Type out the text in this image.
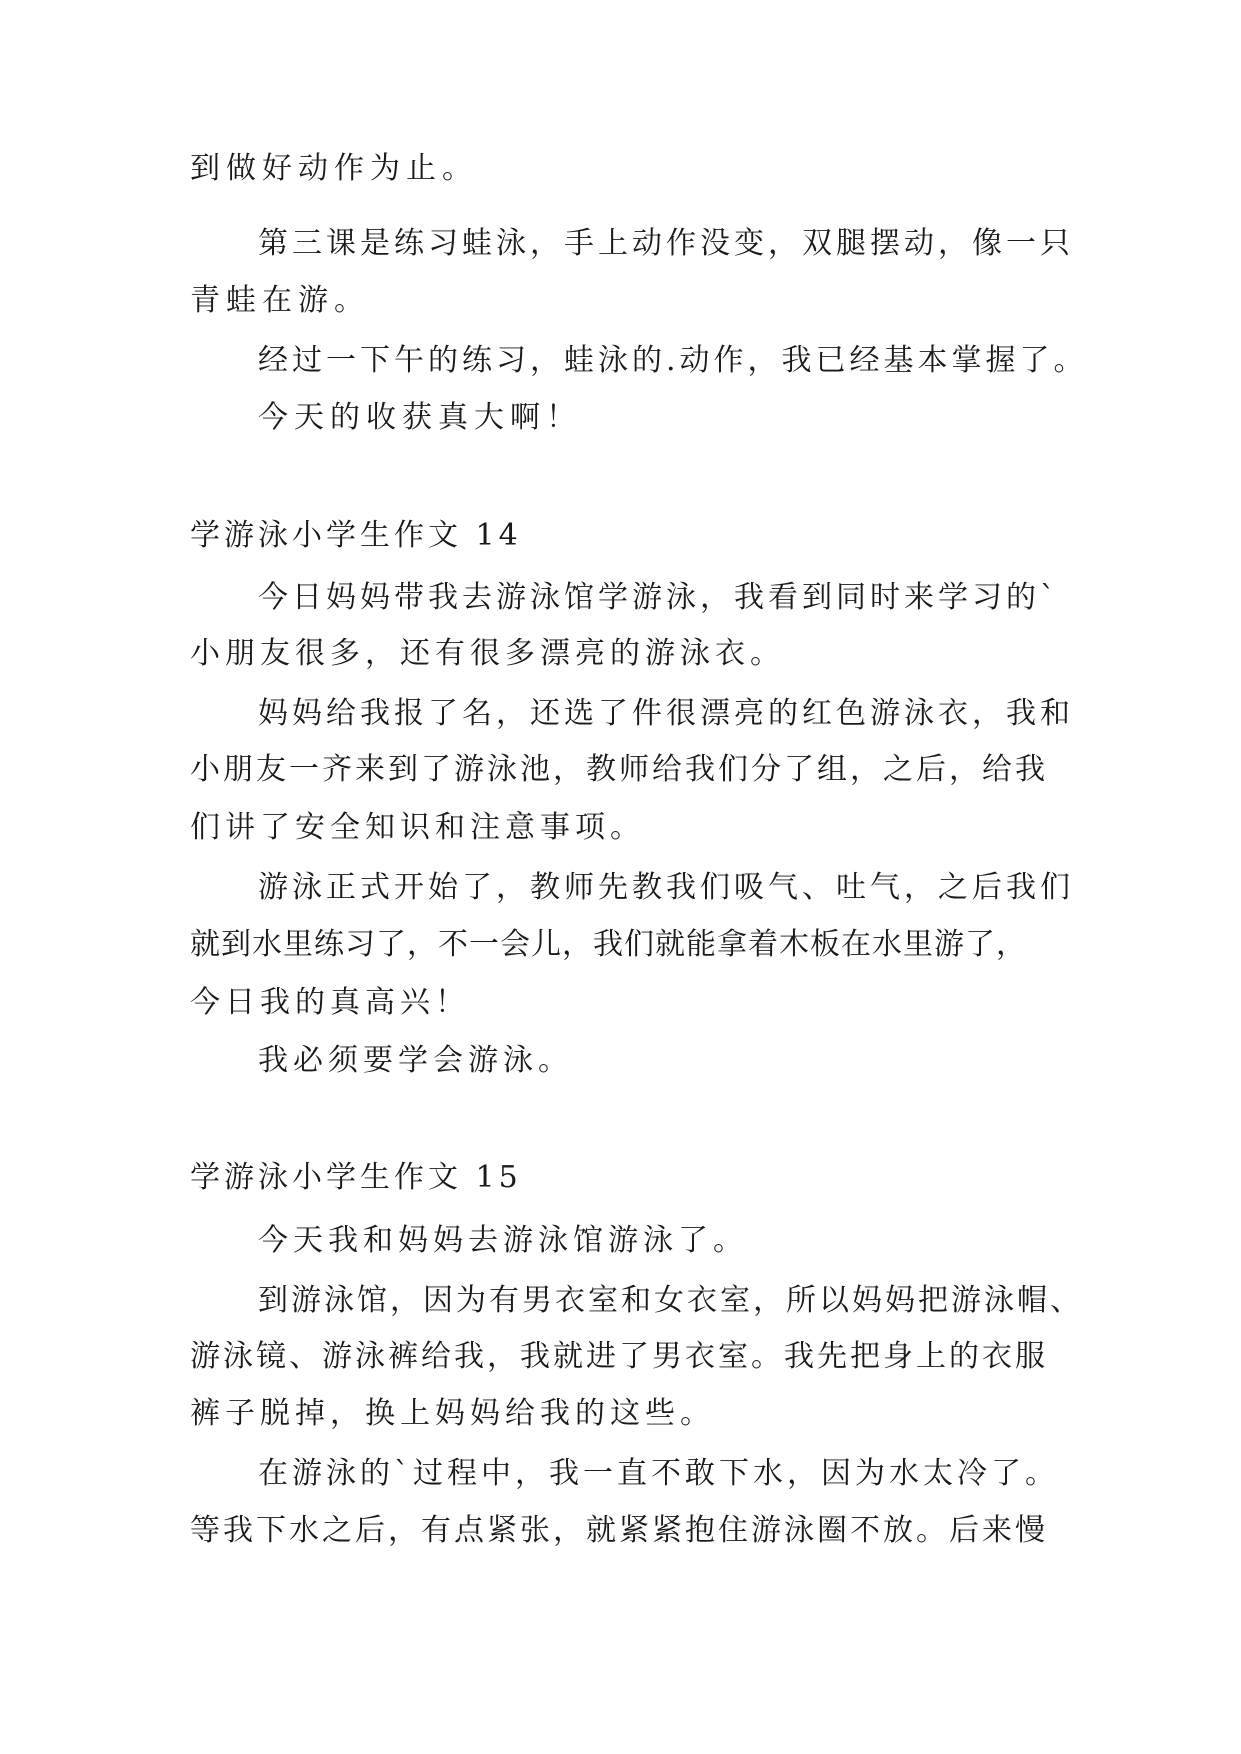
到做好动作为止。
第三课是练习蛙泳，手上动作没变，双腿摆动，像一只
青蛙在游。
经过一下午的练习，蛙泳的.动作，我已经基本掌握了。
今天的收获真大啊！
学游泳小学生作文 14
今日妈妈带我去游泳馆学游泳，我看到同时来学习的`
小朋友很多，还有很多漂亮的游泳衣。
妈妈给我报了名，还选了件很漂亮的红色游泳衣，我和
小朋友一齐来到了游泳池，教师给我们分了组，之后，给我
们讲了安全知识和注意事项。
游泳正式开始了，教师先教我们吸气、吐气，之后我们
就到水里练习了，不一会儿，我们就能拿着木板在水里游了，
今日我的真高兴！
我必须要学会游泳。
学游泳小学生作文 15
今天我和妈妈去游泳馆游泳了。
到游泳馆，因为有男衣室和女衣室，所以妈妈把游泳帽、
游泳镜、游泳裤给我，我就进了男衣室。我先把身上的衣服
裤子脱掉，换上妈妈给我的这些。
在游泳的`过程中，我一直不敢下水，因为水太冷了。
等我下水之后，有点紧张，就紧紧抱住游泳圈不放。后来慢
